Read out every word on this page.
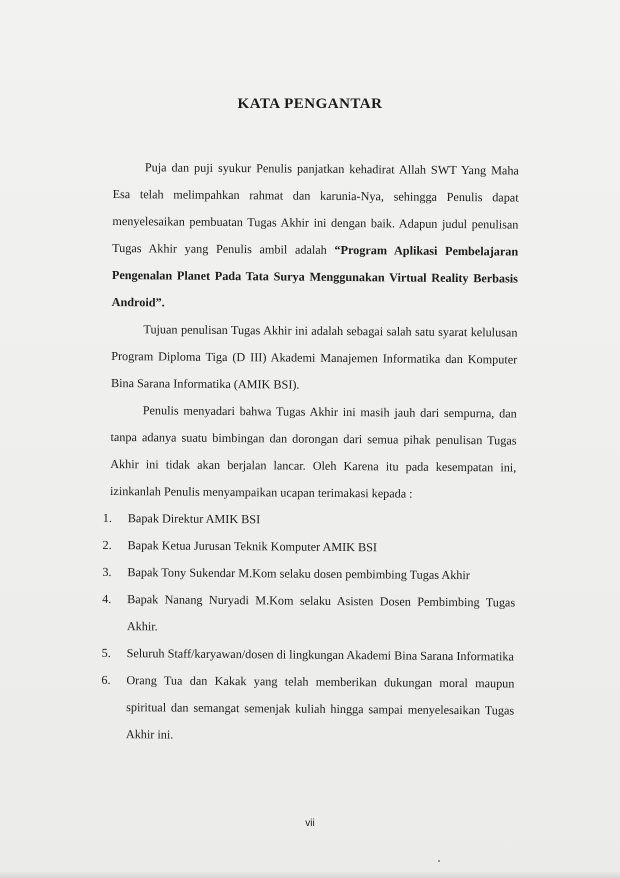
KATA PENGANTAR

Puja dan puji syukur Penulis panjatkan kehadirat Allah SWT Yang Maha Esa telah melimpahkan rahmat dan karunia-Nya, sehingga Penulis dapat menyelesaikan pembuatan Tugas Akhir ini dengan baik. Adapun judul penulisan Tugas Akhir yang Penulis ambil adalah “Program Aplikasi Pembelajaran Pengenalan Planet Pada Tata Surya Menggunakan Virtual Reality Berbasis Android”.

Tujuan penulisan Tugas Akhir ini adalah sebagai salah satu syarat kelulusan Program Diploma Tiga (D III) Akademi Manajemen Informatika dan Komputer Bina Sarana Informatika (AMIK BSI).

Penulis menyadari bahwa Tugas Akhir ini masih jauh dari sempurna, dan tanpa adanya suatu bimbingan dan dorongan dari semua pihak penulisan Tugas Akhir ini tidak akan berjalan lancar. Oleh Karena itu pada kesempatan ini, izinkanlah Penulis menyampaikan ucapan terimakasi kepada :

1. Bapak Direktur AMIK BSI
2. Bapak Ketua Jurusan Teknik Komputer AMIK BSI
3. Bapak Tony Sukendar M.Kom selaku dosen pembimbing Tugas Akhir
4. Bapak Nanang Nuryadi M.Kom selaku Asisten Dosen Pembimbing Tugas Akhir.
5. Seluruh Staff/karyawan/dosen di lingkungan Akademi Bina Sarana Informatika
6. Orang Tua dan Kakak yang telah memberikan dukungan moral maupun spiritual dan semangat semenjak kuliah hingga sampai menyelesaikan Tugas Akhir ini.
vii
